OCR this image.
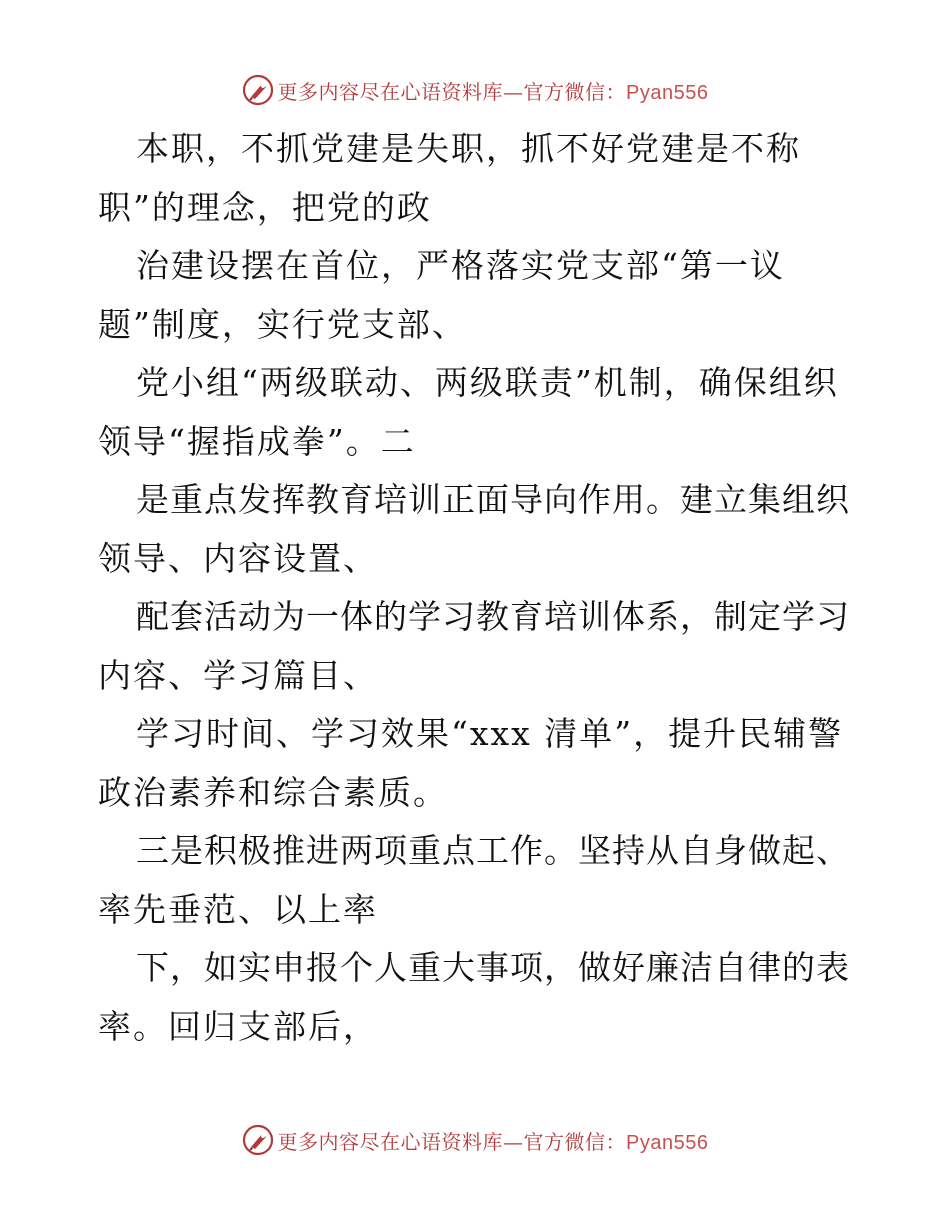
更多内容尽在心语资料库—官方微信：Pyan556
本职，不抓党建是失职，抓不好党建是不称
职”的理念，把党的政
治建设摆在首位，严格落实党支部“第一议
题”制度，实行党支部、
党小组“两级联动、两级联责”机制，确保组织
领导“握指成拳”。二
是重点发挥教育培训正面导向作用。建立集组织
领导、内容设置、
配套活动为一体的学习教育培训体系，制定学习
内容、学习篇目、
学习时间、学习效果“xxx 清单”，提升民辅警
政治素养和综合素质。
三是积极推进两项重点工作。坚持从自身做起、
率先垂范、以上率
下，如实申报个人重大事项，做好廉洁自律的表
率。回归支部后，
更多内容尽在心语资料库—官方微信：Pyan556
